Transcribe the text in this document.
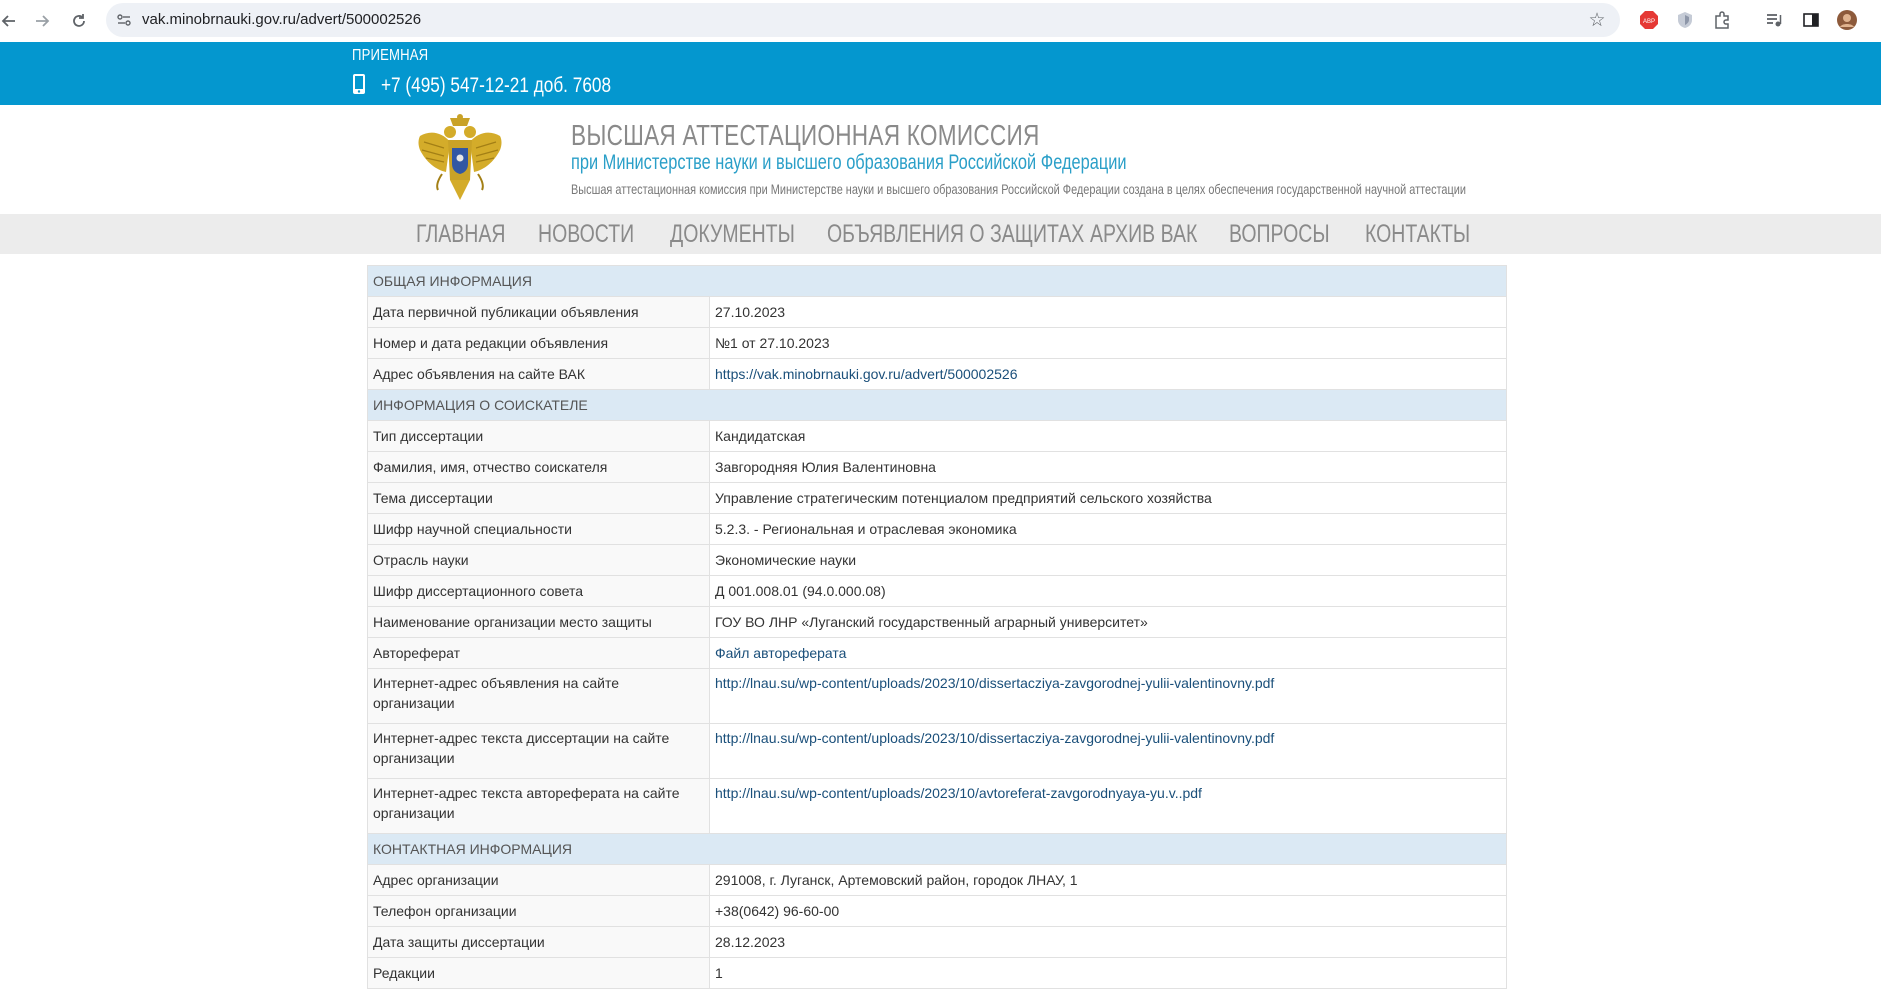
vak.minobrnauki.gov.ru/advert/500002526	☆	ABP
ПРИЕМНАЯ
+7 (495) 547-12-21 доб. 7608
ВЫСШАЯ АТТЕСТАЦИОННАЯ КОМИССИЯ
при Министерстве науки и высшего образования Российской Федерации
Высшая аттестационная комиссия при Министерстве науки и высшего образования Российской Федерации создана в целях обеспечения государственной научной аттестации
ГЛАВНАЯ НОВОСТИ ДОКУМЕНТЫ ОБЪЯВЛЕНИЯ О ЗАЩИТАХ АРХИВ ВАК ВОПРОСЫ КОНТАКТЫ
ОБЩАЯ ИНФОРМАЦИЯ	
Дата первичной публикации объявления	27.10.2023
Номер и дата редакции объявления	№1 от 27.10.2023
Адрес объявления на сайте ВАК	https://vak.minobrnauki.gov.ru/advert/500002526
ИНФОРМАЦИЯ О СОИСКАТЕЛЕ	
Тип диссертации	Кандидатская
Фамилия, имя, отчество соискателя	Завгородняя Юлия Валентиновна
Тема диссертации	Управление стратегическим потенциалом предприятий сельского хозяйства
Шифр научной специальности	5.2.3. - Региональная и отраслевая экономика
Отрасль науки	Экономические науки
Шифр диссертационного совета	Д 001.008.01 (94.0.000.08)
Наименование организации место защиты	ГОУ ВО ЛНР «Луганский государственный аграрный университет»
Автореферат	Файл автореферата
Интернет-адрес объявления на сайте организации	http://lnau.su/wp-content/uploads/2023/10/dissertacziya-zavgorodnej-yulii-valentinovny.pdf
Интернет-адрес текста диссертации на сайте организации	http://lnau.su/wp-content/uploads/2023/10/dissertacziya-zavgorodnej-yulii-valentinovny.pdf
Интернет-адрес текста автореферата на сайте организации	http://lnau.su/wp-content/uploads/2023/10/avtoreferat-zavgorodnyaya-yu.v..pdf
КОНТАКТНАЯ ИНФОРМАЦИЯ	
Адрес организации	291008, г. Луганск, Артемовский район, городок ЛНАУ, 1
Телефон организации	+38(0642) 96-60-00
Дата защиты диссертации	28.12.2023
Редакции	1
